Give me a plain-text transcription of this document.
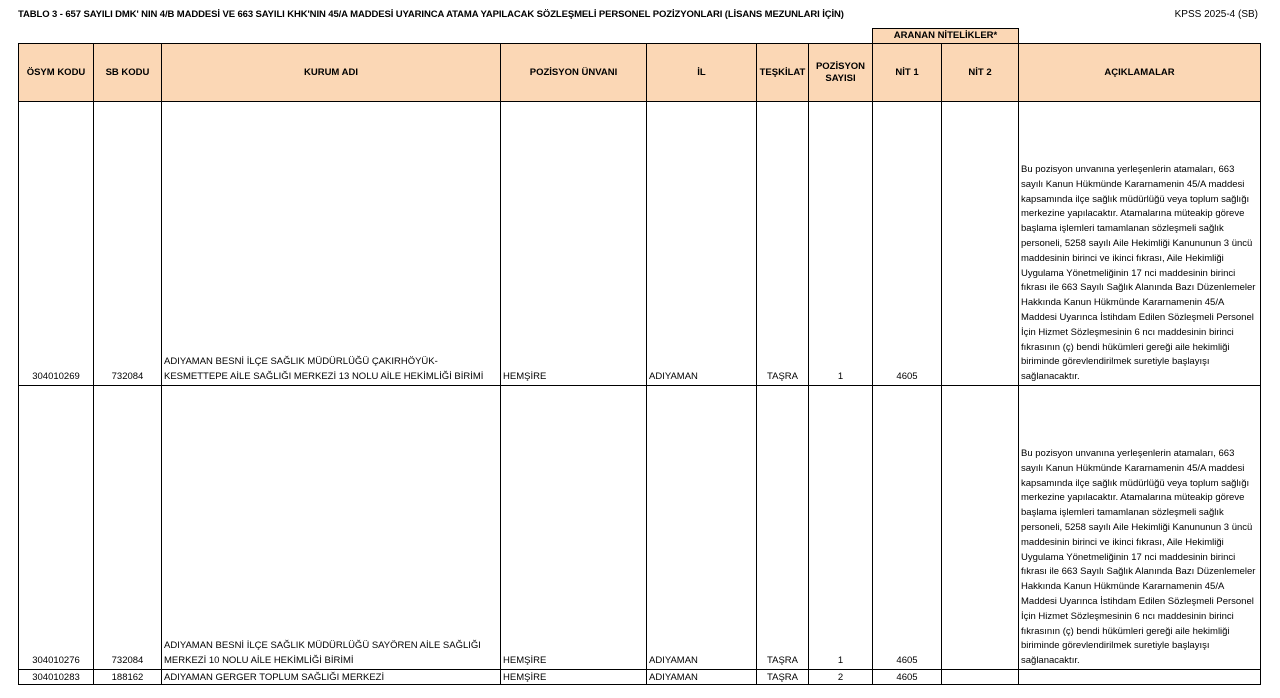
TABLO 3 - 657 SAYILI DMK' NIN 4/B MADDESİ VE 663 SAYILI KHK'NIN 45/A MADDESİ UYARINCA ATAMA YAPILACAK SÖZLEŞMELİ PERSONEL POZİZYONLARI (LİSANS MEZUNLARI İÇİN)	KPSS 2025-4 (SB)
							ARANAN NİTELİKLER*		
ÖSYM KODU	SB KODU	KURUM ADI	POZİSYON ÜNVANI	İL	TEŞKİLAT	POZİSYON
SAYISI	NİT 1	NİT 2	AÇIKLAMALAR
304010269	732084	ADIYAMAN BESNİ İLÇE SAĞLIK MÜDÜRLÜĞÜ ÇAKIRHÖYÜK-KESMETTEPE AİLE SAĞLIĞI MERKEZİ 13 NOLU AİLE HEKİMLİĞİ BİRİMİ	HEMŞİRE	ADIYAMAN	TAŞRA	1	4605		Bu pozisyon unvanına yerleşenlerin atamaları, 663 sayılı Kanun Hükmünde Kararnamenin 45/A maddesi kapsamında ilçe sağlık müdürlüğü veya toplum sağlığı merkezine yapılacaktır. Atamalarına müteakip göreve başlama işlemleri tamamlanan sözleşmeli sağlık personeli, 5258 sayılı Aile Hekimliği Kanununun 3 üncü maddesinin birinci ve ikinci fıkrası, Aile Hekimliği Uygulama Yönetmeliğinin 17 nci maddesinin birinci fıkrası ile 663 Sayılı Sağlık Alanında Bazı Düzenlemeler Hakkında Kanun Hükmünde Kararnamenin 45/A Maddesi Uyarınca İstihdam Edilen Sözleşmeli Personel İçin Hizmet Sözleşmesinin 6 ncı maddesinin birinci fıkrasının (ç) bendi hükümleri gereği aile hekimliği biriminde görevlendirilmek suretiyle başlayışı sağlanacaktır.
304010276	732084	ADIYAMAN BESNİ İLÇE SAĞLIK MÜDÜRLÜĞÜ SAYÖREN AİLE SAĞLIĞI MERKEZİ 10 NOLU AİLE HEKİMLİĞİ BİRİMİ	HEMŞİRE	ADIYAMAN	TAŞRA	1	4605		Bu pozisyon unvanına yerleşenlerin atamaları, 663 sayılı Kanun Hükmünde Kararnamenin 45/A maddesi kapsamında ilçe sağlık müdürlüğü veya toplum sağlığı merkezine yapılacaktır. Atamalarına müteakip göreve başlama işlemleri tamamlanan sözleşmeli sağlık personeli, 5258 sayılı Aile Hekimliği Kanununun 3 üncü maddesinin birinci ve ikinci fıkrası, Aile Hekimliği Uygulama Yönetmeliğinin 17 nci maddesinin birinci fıkrası ile 663 Sayılı Sağlık Alanında Bazı Düzenlemeler Hakkında Kanun Hükmünde Kararnamenin 45/A Maddesi Uyarınca İstihdam Edilen Sözleşmeli Personel İçin Hizmet Sözleşmesinin 6 ncı maddesinin birinci fıkrasının (ç) bendi hükümleri gereği aile hekimliği biriminde görevlendirilmek suretiyle başlayışı sağlanacaktır.
304010283	188162	ADIYAMAN GERGER TOPLUM SAĞLIĞI MERKEZİ	HEMŞİRE	ADIYAMAN	TAŞRA	2	4605		
